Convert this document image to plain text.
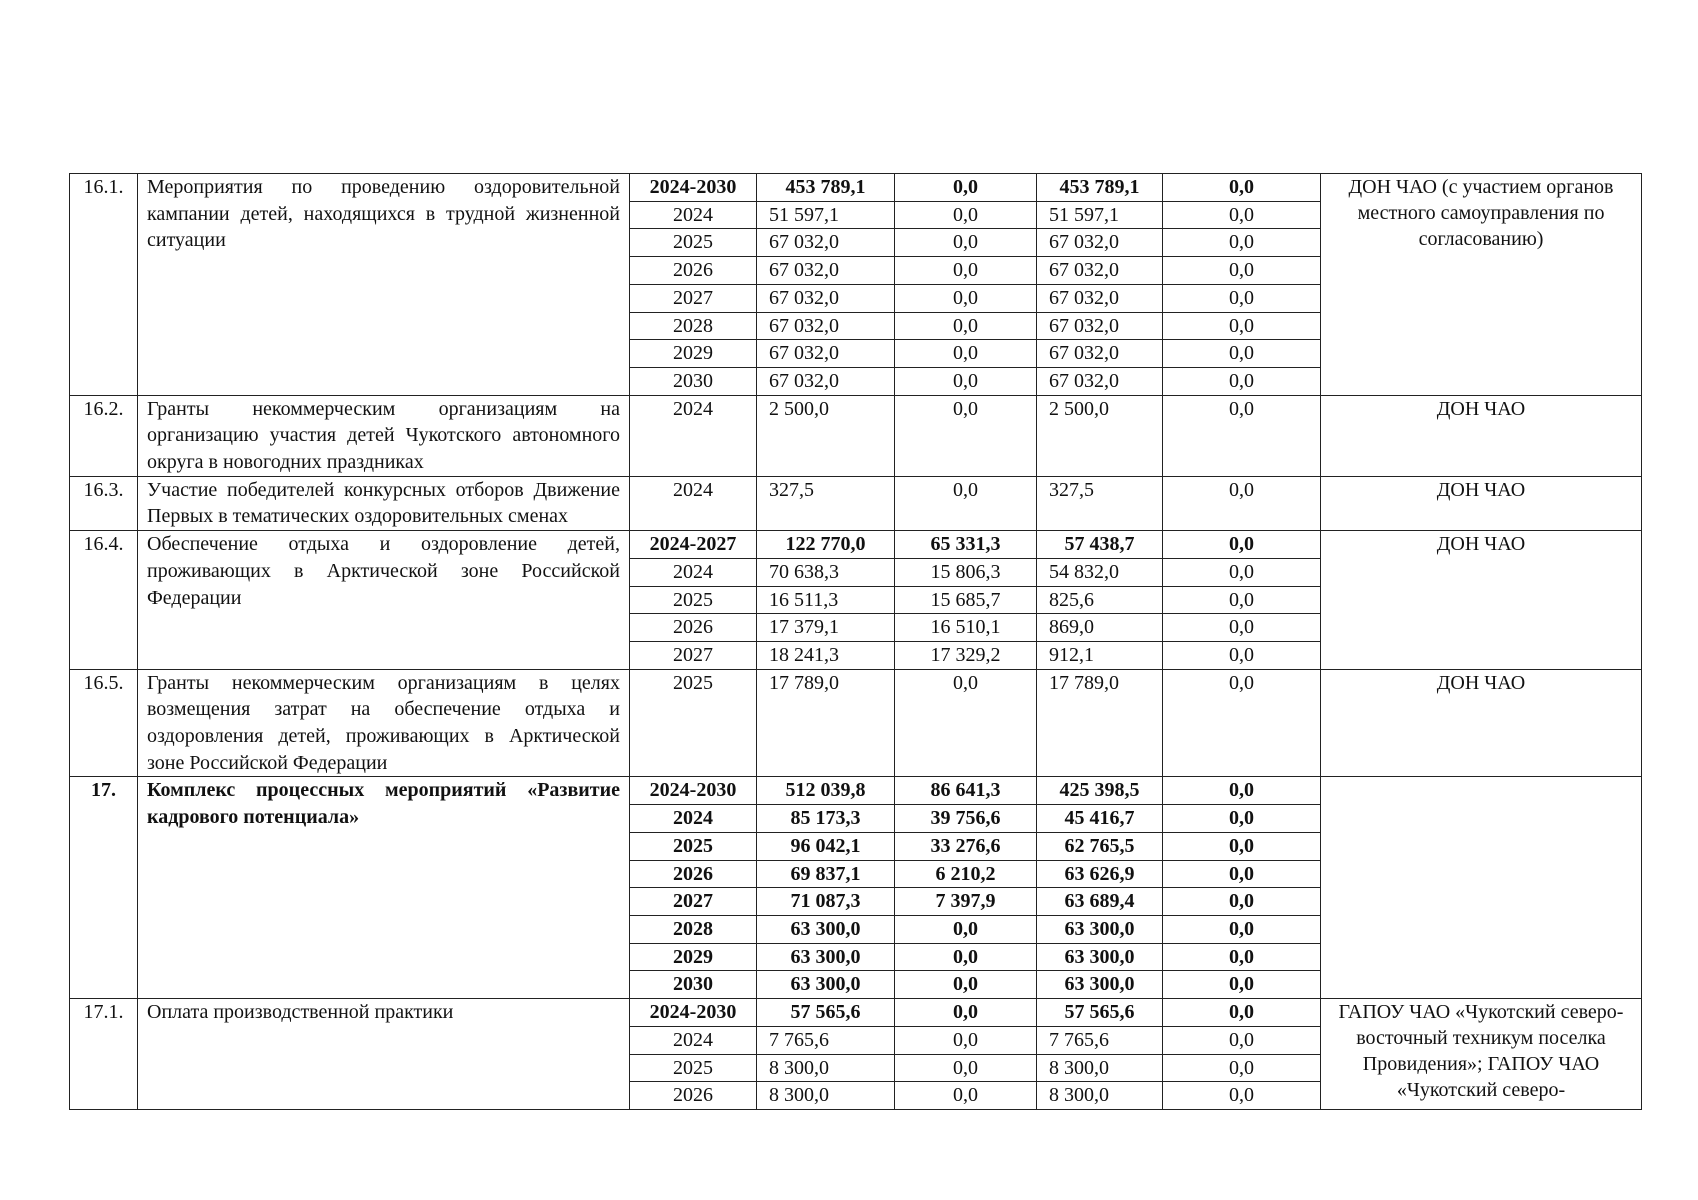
16.1.	Мероприятия по проведению оздоровительной кампании детей, находящихся в трудной жизненной ситуации	2024-2030	453 789,1	0,0	453 789,1	0,0	ДОН ЧАО (с участием органов местного самоуправления по согласованию)
		2024	51 597,1	0,0	51 597,1	0,0	
		2025	67 032,0	0,0	67 032,0	0,0	
		2026	67 032,0	0,0	67 032,0	0,0	
		2027	67 032,0	0,0	67 032,0	0,0	
		2028	67 032,0	0,0	67 032,0	0,0	
		2029	67 032,0	0,0	67 032,0	0,0	
		2030	67 032,0	0,0	67 032,0	0,0	
16.2.	Гранты некоммерческим организациям на организацию участия детей Чукотского автономного округа в новогодних праздниках	2024	2 500,0	0,0	2 500,0	0,0	ДОН ЧАО
16.3.	Участие победителей конкурсных отборов Движение Первых в тематических оздоровительных сменах	2024	327,5	0,0	327,5	0,0	ДОН ЧАО
16.4.	Обеспечение отдыха и оздоровление детей, проживающих в Арктической зоне Российской Федерации	2024-2027	122 770,0	65 331,3	57 438,7	0,0	ДОН ЧАО
		2024	70 638,3	15 806,3	54 832,0	0,0	
		2025	16 511,3	15 685,7	825,6	0,0	
		2026	17 379,1	16 510,1	869,0	0,0	
		2027	18 241,3	17 329,2	912,1	0,0	
16.5.	Гранты некоммерческим организациям в целях возмещения затрат на обеспечение отдыха и оздоровления детей, проживающих в Арктической зоне Российской Федерации	2025	17 789,0	0,0	17 789,0	0,0	ДОН ЧАО
17.	Комплекс процессных мероприятий «Развитие кадрового потенциала»	2024-2030	512 039,8	86 641,3	425 398,5	0,0	
		2024	85 173,3	39 756,6	45 416,7	0,0	
		2025	96 042,1	33 276,6	62 765,5	0,0	
		2026	69 837,1	6 210,2	63 626,9	0,0	
		2027	71 087,3	7 397,9	63 689,4	0,0	
		2028	63 300,0	0,0	63 300,0	0,0	
		2029	63 300,0	0,0	63 300,0	0,0	
		2030	63 300,0	0,0	63 300,0	0,0	
17.1.	Оплата производственной практики	2024-2030	57 565,6	0,0	57 565,6	0,0	ГАПОУ ЧАО «Чукотский северо-восточный техникум поселка Провидения»; ГАПОУ ЧАО «Чукотский северо-
		2024	7 765,6	0,0	7 765,6	0,0	
		2025	8 300,0	0,0	8 300,0	0,0	
		2026	8 300,0	0,0	8 300,0	0,0	
